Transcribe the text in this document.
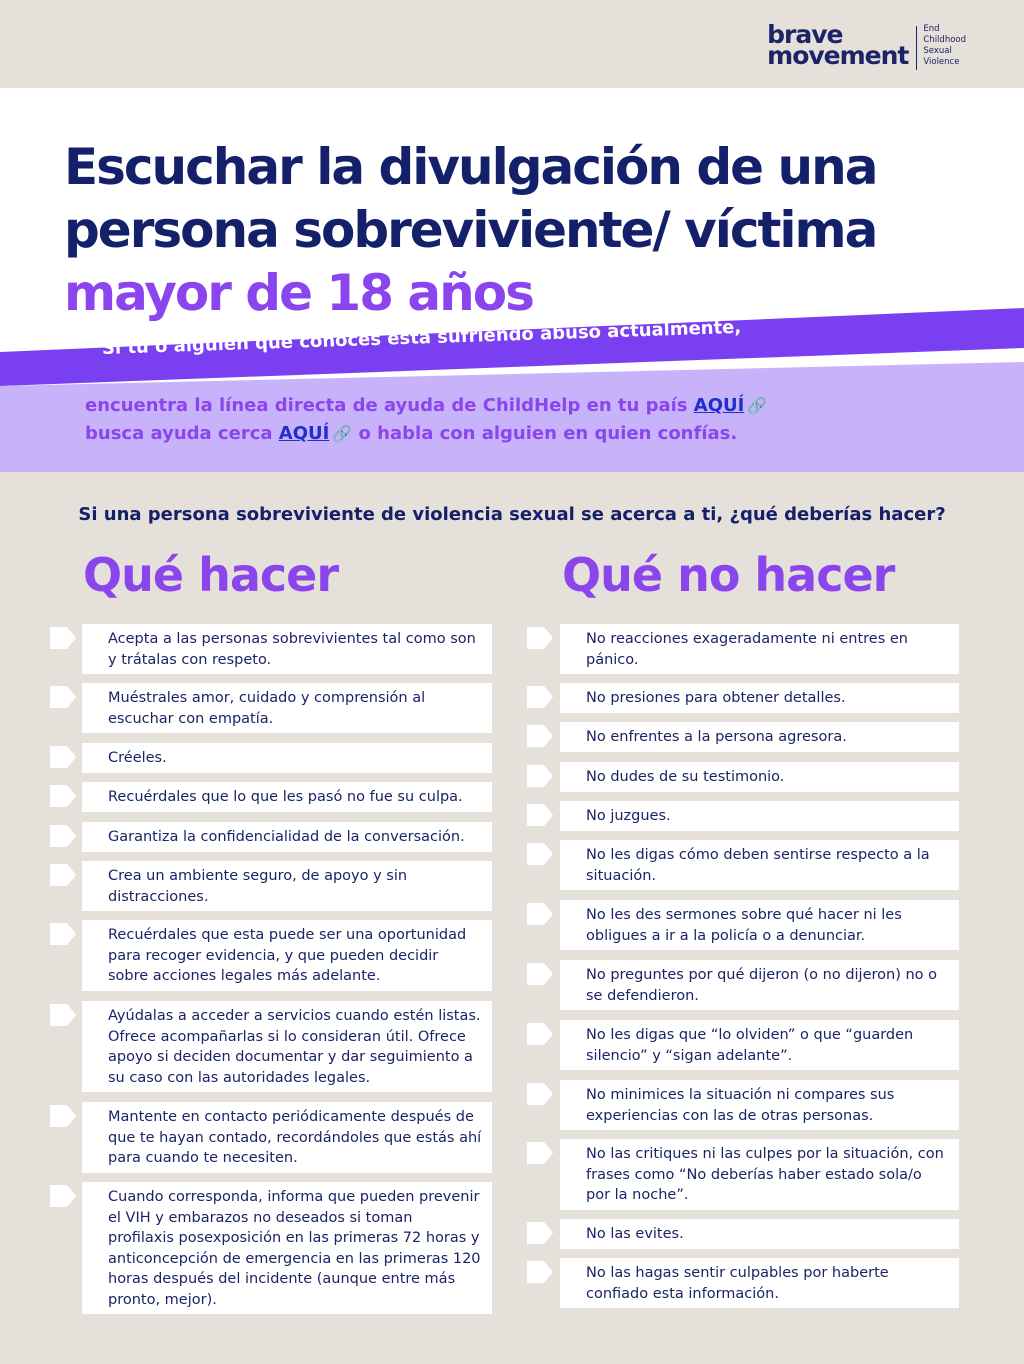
brave
movement
End
Childhood
Sexual
Violence
Escuchar la divulgación de una
persona sobreviviente/ víctima
mayor de 18 años
Si tú o alguien que conoces está sufriendo abuso actualmente,
encuentra la línea directa de ayuda de ChildHelp en tu país AQUÍ 🔗
busca ayuda cerca AQUÍ 🔗 o habla con alguien en quien confías.
Si una persona sobreviviente de violencia sexual se acerca a ti, ¿qué deberías hacer?
Qué hacer	Qué no hacer
Acepta a las personas sobrevivientes tal como son y trátalas con respeto.
Muéstrales amor, cuidado y comprensión al escuchar con empatía.
Créeles.
Recuérdales que lo que les pasó no fue su culpa.
Garantiza la confidencialidad de la conversación.
Crea un ambiente seguro, de apoyo y sin distracciones.
Recuérdales que esta puede ser una oportunidad para recoger evidencia, y que pueden decidir sobre acciones legales más adelante.
Ayúdalas a acceder a servicios cuando estén listas. Ofrece acompañarlas si lo consideran útil. Ofrece apoyo si deciden documentar y dar seguimiento a su caso con las autoridades legales.
Mantente en contacto periódicamente después de que te hayan contado, recordándoles que estás ahí para cuando te necesiten.
Cuando corresponda, informa que pueden prevenir el VIH y embarazos no deseados si toman profilaxis posexposición en las primeras 72 horas y anticoncepción de emergencia en las primeras 120 horas después del incidente (aunque entre más pronto, mejor).
No reacciones exageradamente ni entres en pánico.
No presiones para obtener detalles.
No enfrentes a la persona agresora.
No dudes de su testimonio.
No juzgues.
No les digas cómo deben sentirse respecto a la situación.
No les des sermones sobre qué hacer ni les obligues a ir a la policía o a denunciar.
No preguntes por qué dijeron (o no dijeron) no o se defendieron.
No les digas que “lo olviden” o que “guarden silencio” y “sigan adelante”.
No minimices la situación ni compares sus experiencias con las de otras personas.
No las critiques ni las culpes por la situación, con frases como “No deberías haber estado sola/o por la noche”.
No las evites.
No las hagas sentir culpables por haberte confiado esta información.
